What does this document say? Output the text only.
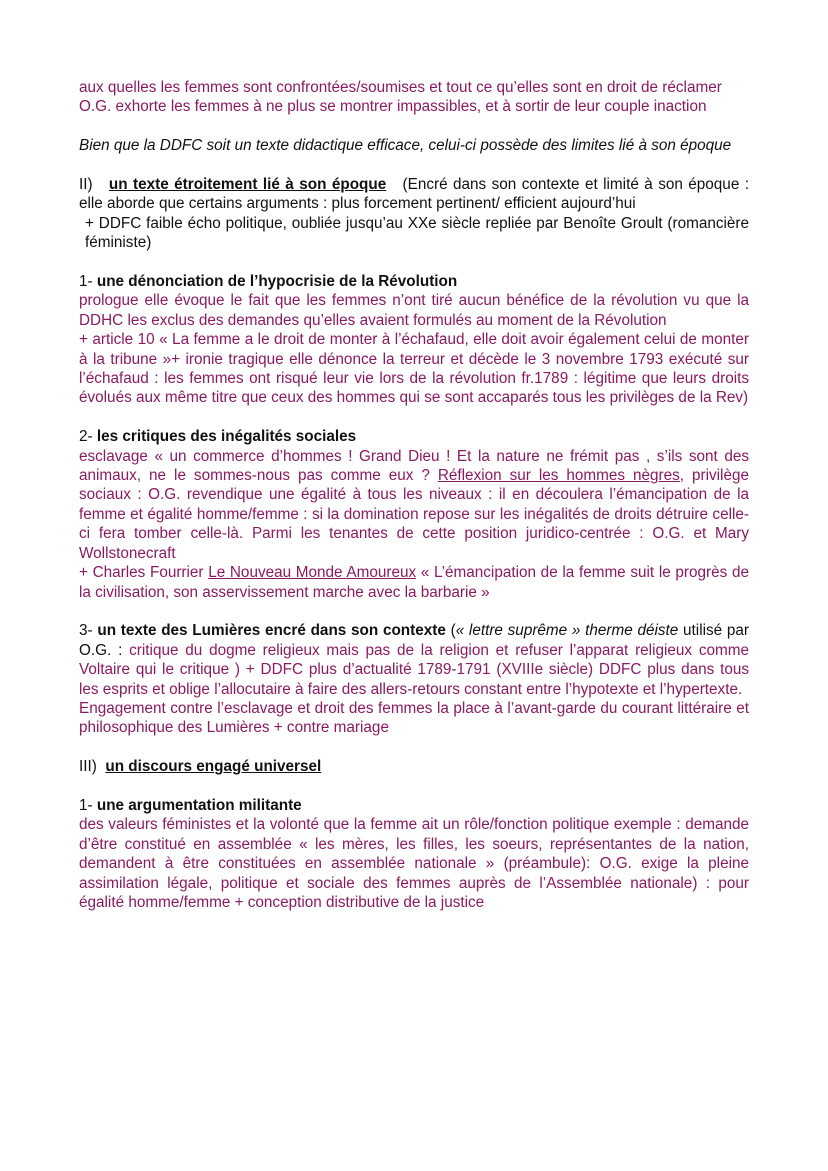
aux quelles les femmes sont confrontées/soumises et tout ce qu’elles sont en droit de réclamer

O.G. exhorte les femmes à ne plus se montrer impassibles, et à sortir de leur couple inaction

Bien que la DDFC soit un texte didactique efficace, celui-ci possède des limites lié à son époque

II) un texte étroitement lié à son époque (Encré dans son contexte et limité à son époque : elle aborde que certains arguments : plus forcement pertinent/ efficient aujourd’hui

+ DDFC faible écho politique, oubliée jusqu’au XXe siècle repliée par Benoîte Groult (romancière féministe)

1- une dénonciation de l’hypocrisie de la Révolution

prologue elle évoque le fait que les femmes n’ont tiré aucun bénéfice de la révolution vu que la DDHC les exclus des demandes qu’elles avaient formulés au moment de la Révolution

+ article 10 « La femme a le droit de monter à l’échafaud, elle doit avoir également celui de monter à la tribune »+ ironie tragique elle dénonce la terreur et décède le 3 novembre 1793 exécuté sur l’échafaud : les femmes ont risqué leur vie lors de la révolution fr.1789 : légitime que leurs droits évolués aux même titre que ceux des hommes qui se sont accaparés tous les privilèges de la Rev)

2- les critiques des inégalités sociales

esclavage « un commerce d’hommes ! Grand Dieu ! Et la nature ne frémit pas , s’ils sont des animaux, ne le sommes-nous pas comme eux ? Réflexion sur les hommes nègres, privilège sociaux : O.G. revendique une égalité à tous les niveaux : il en découlera l’émancipation de la femme et égalité homme/femme : si la domination repose sur les inégalités de droits détruire celle-ci fera tomber celle-là. Parmi les tenantes de cette position juridico-centrée : O.G. et Mary Wollstonecraft

+ Charles Fourrier Le Nouveau Monde Amoureux « L’émancipation de la femme suit le progrès de la civilisation, son asservissement marche avec la barbarie »

3- un texte des Lumières encré dans son contexte (« lettre suprême » therme déiste utilisé par O.G. : critique du dogme religieux mais pas de la religion et refuser l’apparat religieux comme Voltaire qui le critique ) + DDFC plus d’actualité 1789-1791 (XVIIIe siècle) DDFC plus dans tous les esprits et oblige l’allocutaire à faire des allers-retours constant entre l’hypotexte et l’hypertexte.

Engagement contre l’esclavage et droit des femmes la place à l’avant-garde du courant littéraire et philosophique des Lumières + contre mariage

III) un discours engagé universel

1- une argumentation militante

des valeurs féministes et la volonté que la femme ait un rôle/fonction politique exemple : demande d’être constitué en assemblée « les mères, les filles, les soeurs, représentantes de la nation, demandent à être constituées en assemblée nationale » (préambule): O.G. exige la pleine assimilation légale, politique et sociale des femmes auprès de l’Assemblée nationale) : pour égalité homme/femme + conception distributive de la justice
